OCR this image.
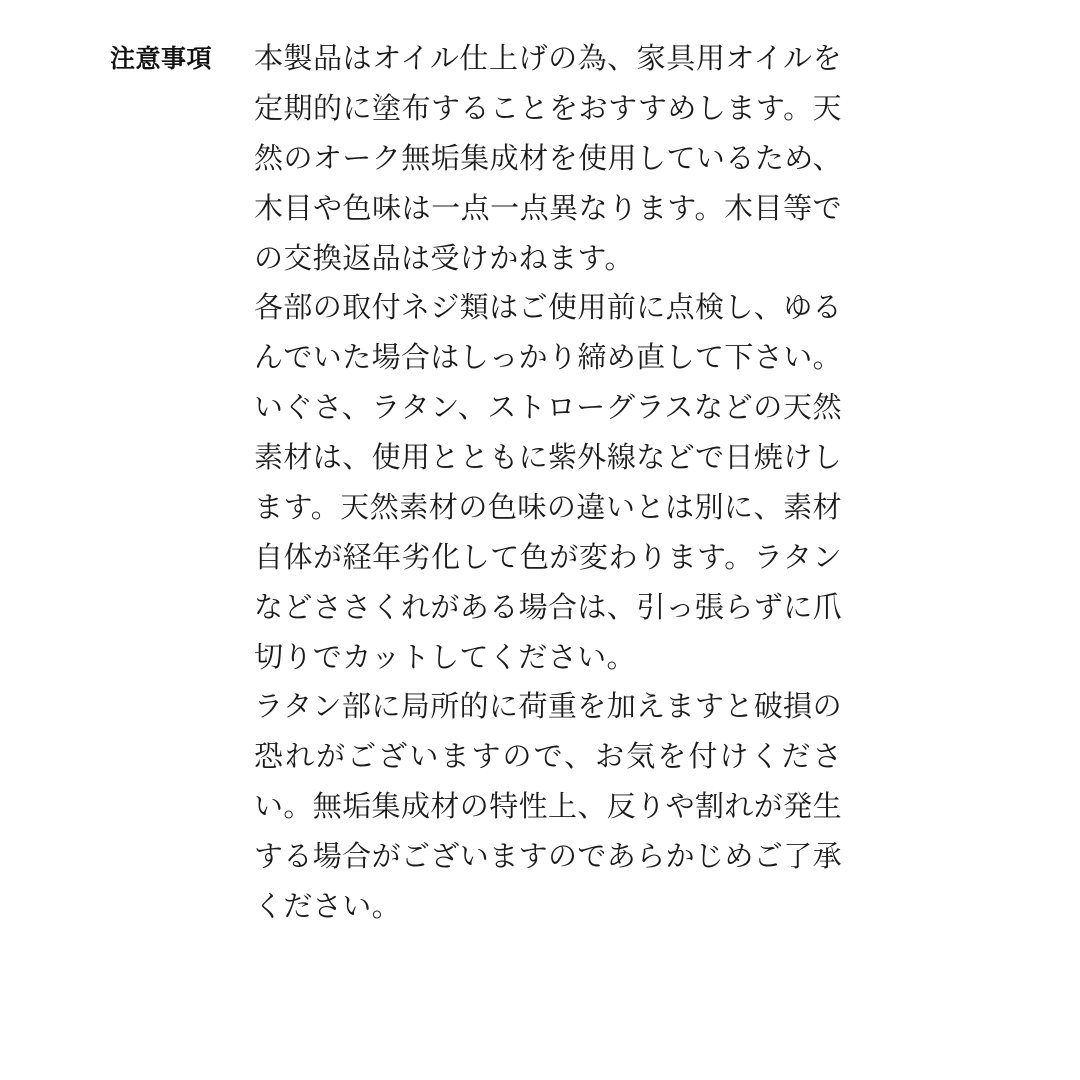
注意事項	本製品はオイル仕上げの為、家具用オイルを定期的に塗布することをおすすめします。天然のオーク無垢集成材を使用しているため、木目や色味は一点一点異なります。木目等での交換返品は受けかねます。

各部の取付ネジ類はご使用前に点検し、ゆるんでいた場合はしっかり締め直して下さい。

いぐさ、ラタン、ストローグラスなどの天然素材は、使用とともに紫外線などで日焼けします。天然素材の色味の違いとは別に、素材自体が経年劣化して色が変わります。ラタンなどささくれがある場合は、引っ張らずに爪切りでカットしてください。

ラタン部に局所的に荷重を加えますと破損の恐れがございますので、お気を付けください。無垢集成材の特性上、反りや割れが発生する場合がございますのであらかじめご了承ください。
